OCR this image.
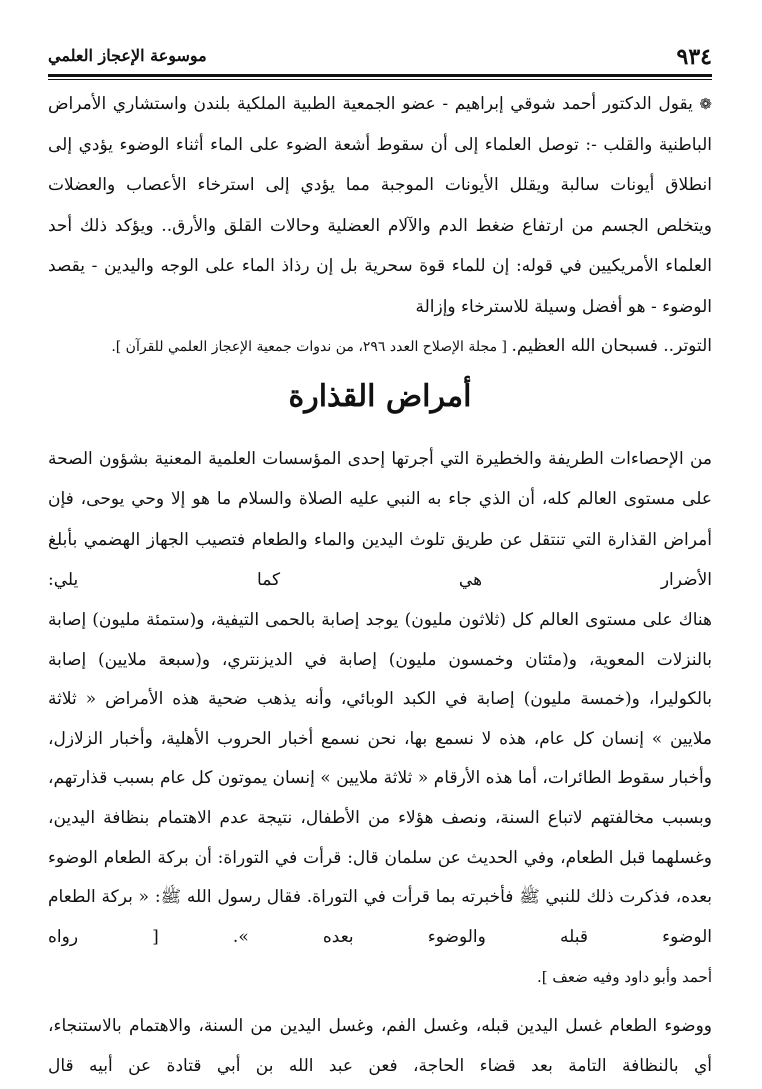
٩٣٤
موسوعة الإعجاز العلمي

❁ يقول الدكتور أحمد شوقي إبراهيم - عضو الجمعية الطبية الملكية بلندن واستشاري الأمراض الباطنية والقلب -: توصل العلماء إلى أن سقوط أشعة الضوء على الماء أثناء الوضوء يؤدي إلى انطلاق أيونات سالبة ويقلل الأيونات الموجبة مما يؤدي إلى استرخاء الأعصاب والعضلات ويتخلص الجسم من ارتفاع ضغط الدم والآلام العضلية وحالات القلق والأرق.. ويؤكد ذلك أحد العلماء الأمريكيين في قوله: إن للماء قوة سحرية بل إن رذاذ الماء على الوجه واليدين - يقصد الوضوء - هو أفضل وسيلة للاسترخاء وإزالة
التوتر.. فسبحان الله العظيم. [ مجلة الإصلاح العدد ٢٩٦، من ندوات جمعية الإعجاز العلمي للقرآن ].

أمراض القذارة

من الإحصاءات الطريفة والخطيرة التي أجرتها إحدى المؤسسات العلمية المعنية بشؤون الصحة على مستوى العالم كله، أن الذي جاء به النبي عليه الصلاة والسلام ما هو إلا وحي يوحى، فإن أمراض القذارة التي تنتقل عن طريق تلوث اليدين والماء والطعام فتصيب الجهاز الهضمي بأبلغ الأضرار هي كما يلي:

هناك على مستوى العالم كل (ثلاثون مليون) يوجد إصابة بالحمى التيفية، و(ستمئة مليون) إصابة بالنزلات المعوية، و(مئتان وخمسون مليون) إصابة في الديزنتري، و(سبعة ملايين) إصابة بالكوليرا، و(خمسة مليون) إصابة في الكبد الوبائي، وأنه يذهب ضحية هذه الأمراض « ثلاثة ملايين » إنسان كل عام، هذه لا نسمع بها، نحن نسمع أخبار الحروب الأهلية، وأخبار الزلازل، وأخبار سقوط الطائرات، أما هذه الأرقام « ثلاثة ملايين » إنسان يموتون كل عام بسبب قذارتهم، وبسبب مخالفتهم لاتباع السنة، ونصف هؤلاء من الأطفال، نتيجة عدم الاهتمام بنظافة اليدين، وغسلهما قبل الطعام، وفي الحديث عن سلمان قال: قرأت في التوراة: أن بركة الطعام الوضوء بعده، فذكرت ذلك للنبي ﷺ فأخبرته بما قرأت في التوراة. فقال رسول الله ﷺ: « بركة الطعام الوضوء قبله والوضوء بعده ». [ رواه

أحمد وأبو داود وفيه ضعف ].

ووضوء الطعام غسل اليدين قبله، وغسل الفم، وغسل اليدين من السنة، والاهتمام بالاستنجاء، أي بالنظافة التامة بعد قضاء الحاجة، فعن عبد الله بن أبي قتادة عن أبيه قال
